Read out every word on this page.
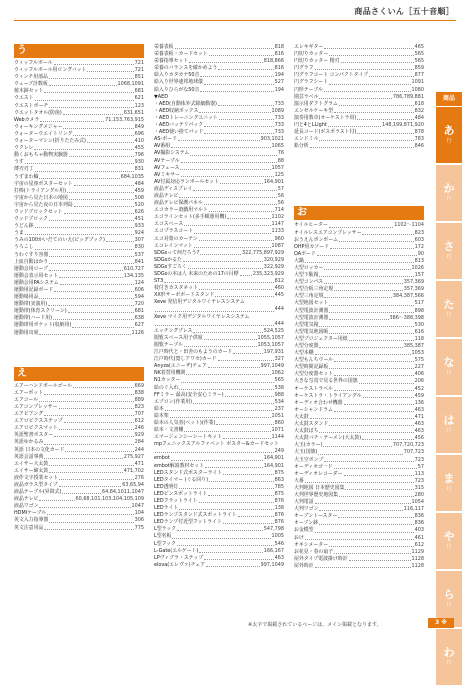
商品さくいん［五十音順］
う
ウィッフルボール	721
ウィッフルボール用ロングバット	721
ウィンチ用部品	851
ウェーブ計数板	1068,1091
植木鉢セット	681
ウエスト	621
ウエストポーチ	123
ウエットタオル(防菌)	631,651
Webカメラ	71,153,763,915
ウォーキングメジャー	849
ウォーターウエイトリング	696
ウォーターマシン(折りたたみ式)	410
ウクレレ	455
動くおもちゃ動物実験器	796
うす	930
薄刃刃丁	831
うずまわ輪	684,1035
宇宙の星座ポスターセット	484
打棒(トライアングル用)	459
宇宙から見た日本の地図	508
宇宙から見た夜の日本列島	520
ウッドブロックセット	626
ウッドブロック	451
うどん鉢	933
うま	924
うみの100かいだてのいえ(ビッグブック)	307
うろこし	830
うわぐすり容器	537
上皿自動はかり	841
運動会用ロープ	610,727
運動会表示用セット	134,135
運動会用PAシステム	124
運動用記録ボード	606
運動場用品	594
運動帯(実演用)	720
運動帯(体育スクリーン)	681
運動帯(ハード用)	638
運動帯用ポケット(収納用)	627
運動用出席	1126
え
エアーハンドボールゴール	669
エアーポット	838
エアコール	889
エアコンプレッサー	823
エアピアング	707
エアロビクスステップ	612
エアロビクスマット	246
英語聖書ポスター	929
英語ゆかるみ	284
英語 日本の文化カード	244
英語会話事典	275,927
エイサー大太鼓	471
エイサー締太鼓	471,702
液作文字授業セット	276
液晶ガラス型タイプ	63,65,94
液晶テーブル(昇降式)	64,84,1011,1047
液晶テレビ	60,68,101,103,104,105,109
液晶ワゴン	1047
HDMIケーブル	104
英文入力指導器	306
英文注意用品	775
栄養表板	818
栄養表板・カードセット	816
栄養指導セット	818,866
栄養のバランスを確かめよう	816
絵入りカタカナ50音	194
絵入り世界連邦地球儀	527
絵入りひらがな50音	194
▼AED
・AED(自動体外式除細動器)	733
・AED収納ボックス	1089
・AEDトレーニングユニット	733
・AEDバッテリパック	733
・AED使い捨てパッド	733
AS-ボード	903,1021
AV番組	1065
AV撮影システム	76
AVテーブル	88
AVフェース	1057
AVミキサー	125
AV付属対応ランボールセット	164,901
液晶ディスプレイ	57
液晶テレビ	56
液晶テレビ保護パネル	56
エコカラー遊戯用マルト	714
エコラインセット(多手順運用機)	1102
エコスペース	1147
エコプラスコート	1133
エコ対策のカーテン	960
エコレインマット	1087
SDGsって何だろう?	322,775,897,929
SDGsかるた	320,929
SDGsすごろく	322,929
SDGsの本は人 未来のための17の目標	235,323,929
ST3	812
枝付きカスタネット	460
XX形サーボボードスタンド	445
Xeve 発信用デジタルワイヤレスシステム
444
Xeve マイク用デジタルワイヤレスシステム
444
エッチングプレス	524,525
閲覧スペース用子供席	1055,1057
閲覧テーブル	1053,1057
江戸時代と・田舎のもようのカード	197,931
江戸時代(寛しアワセ)カード	327
Anyza(エニーザ)チェア	997,1049
NK着替用機関	1062
N1カッター	565
絵のぐ入れ	538
FFミラー 最高(安全安心ミラー)	988
エプロン(作業用)	534
絵本	237
絵本架	1051
絵本の人気者(ベット)(作業)	860
絵本・文書棚	1071
エマージェンシーシートキット	1144
mpフェニックスアルファベット ボスター&カードセット
249
embot	164,901
embot解説教材セット	164,901
LEDスタンド式ポスターライト	875
LEDタイマー (ぐる回り)	863
LED透明灯	785
LEDピンスポットライト	875
LEDフラットライト	876
LEDライト	138
LEDランプスタンド式スポットライト	876
LEDランプ付近型フットライト	876
L型ラック	547,798
L型名板	1005
L型フック	546
L-Gate(エルゲート)	166,167
LPヴィブラ・ステップ	463
elova(エレヴァ)チェア	997,1049
エレキギター	465
円切りカッター	565
円切りカッター 精刃	565
円グラフ	859
円グラフコート コンパクトタイプ	877
円グラフシート	1091
円形テーブル	1080
園芸ラベル	786,789,881
演示用ダクトグラム	618
エンゼルケーキ型	832
演奏用教卓(オーケストラ用)	484
円と4とLLight	148,199,871,920
延長コード(ボスポラスト付)	878
エンドミル	783
鉛分析	846
お
オイルヒーター	1102〜1104
オイルレスエアコンプレッサー	823
おうえんポンポーム	603
OHP用カソード	172
OAボード	90
大鍋	813
大型ロッカー	1026
大型下駄箱	157
大型コンパス	357,369
大型合板三角定規	357,369
大型三角定規	384,387,566
大型地図セット	517
大型電波計測器	898
大型電波計測器	386〜388,398
大型電気箱	530
大型電気地図帳	616
大型プロジェクター用紙	118
大型分度器	385,387
大型本棚	1053
大型もんちウール	575
大型時間記録板	227
大型分度器セット	406
大きな写真で見る世界の国旗	206
オーケストラベル	452
オーケストラ・トライアングル	459
オーディオ合わせ機器	136
オーシャンドラム	463
大太鼓	471
大太鼓スタンド	463
大太鼓ばち	463
大太鼓バチ・テーメン(大太鼓)	456
大玉(カラー)	707,720,723
大玉(国旗)	707,723
大玉空ボンプ	723
オーディオゴ一ド	57
オーディオレコーダー	113
大番	723
大判地図 日本歴史図集	315
大判世界歴史地図集	280
大判電話	1054
大判ワゴン	116,117
オーブントースター	836
オーブン鉢	836
お金模型	403
おけ	461
オキシメーター	612
お花見・春の扇子	1129
屋外タイプ電波掛け時計	1128
屋外時計	1128
商品
あ
行
か
行
さ
行
た
行
な
行
は
行
ま
行
や
行
ら
行
わ
行
※太字で掲載されているページは、メイン掲載となります。	3 ※
